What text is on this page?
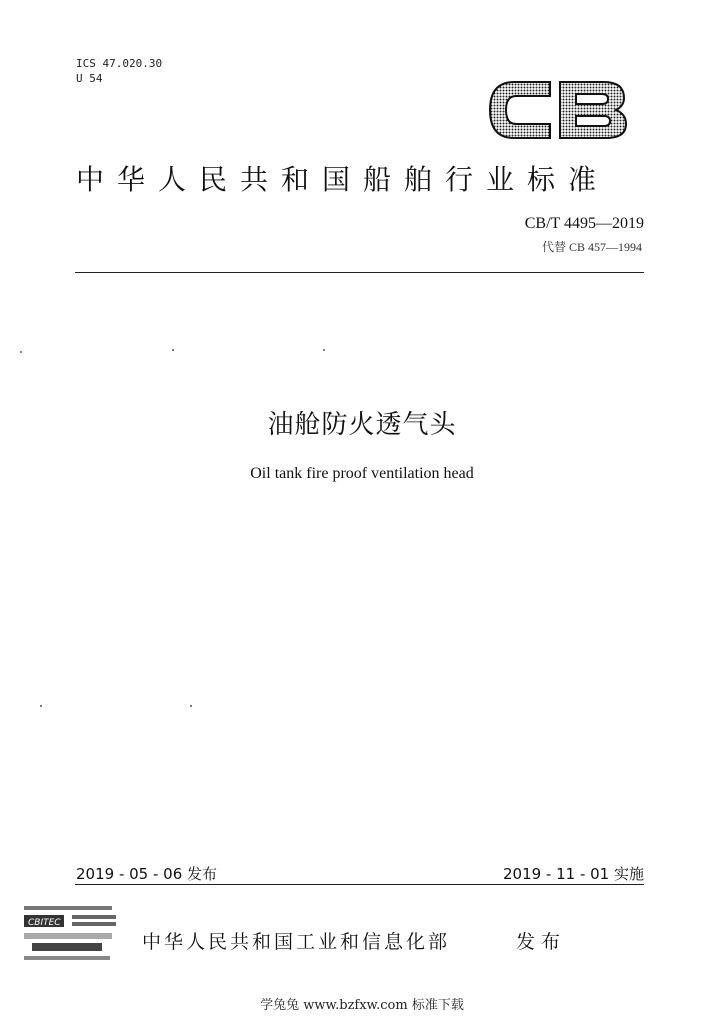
ICS 47.020.30
U 54
中华人民共和国船舶行业标准
CB/T 4495—2019
代替 CB 457—1994
油舱防火透气头
Oil tank fire proof ventilation head
2019 - 05 - 06 发布	2019 - 11 - 01 实施
CBITEC
中华人民共和国工业和信息化部	发布
学兔兔 www.bzfxw.com 标准下载
